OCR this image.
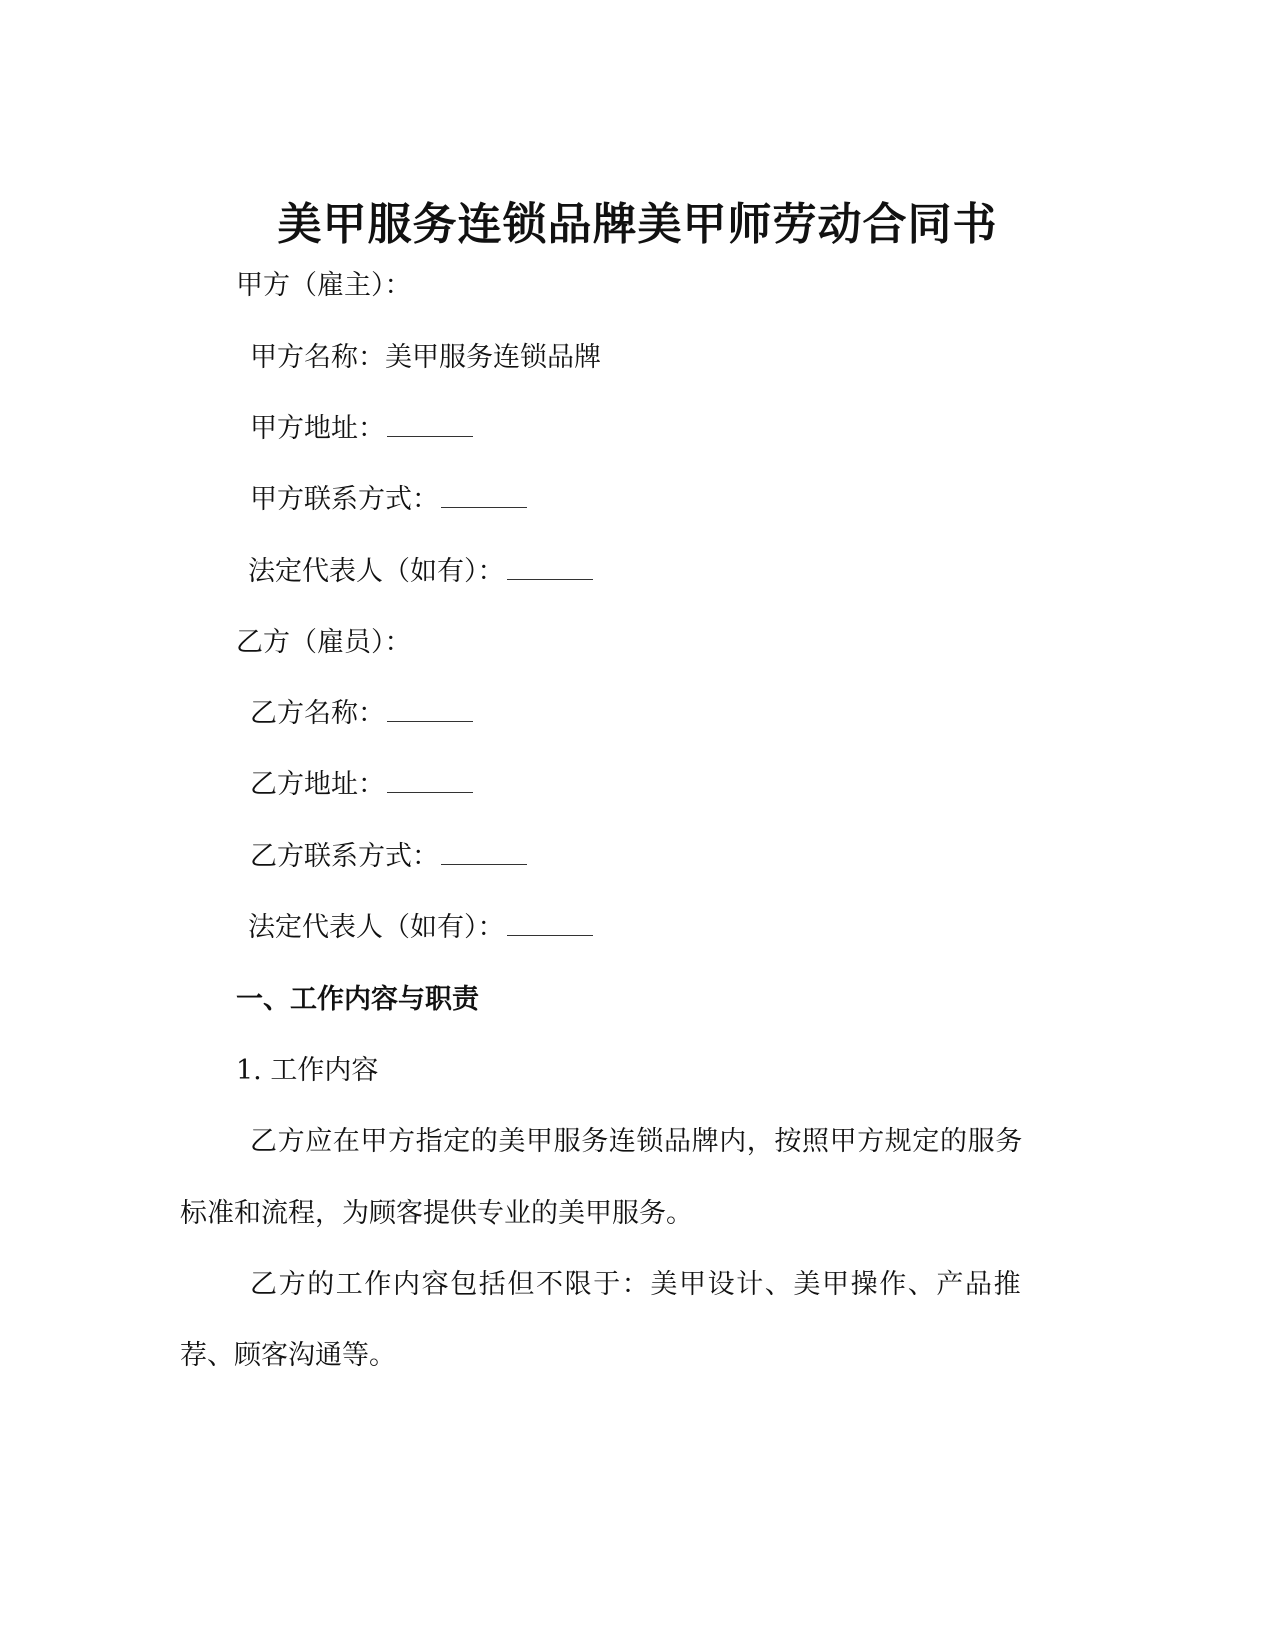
美甲服务连锁品牌美甲师劳动合同书
甲方（雇主）：
甲方名称：美甲服务连锁品牌
甲方地址：
甲方联系方式：
法定代表人（如有）：
乙方（雇员）：
乙方名称：
乙方地址：
乙方联系方式：
法定代表人（如有）：
一、工作内容与职责
1. 工作内容
乙方应在甲方指定的美甲服务连锁品牌内，按照甲方规定的服务
标准和流程，为顾客提供专业的美甲服务。
乙方的工作内容包括但不限于：美甲设计、美甲操作、产品推
荐、顾客沟通等。
